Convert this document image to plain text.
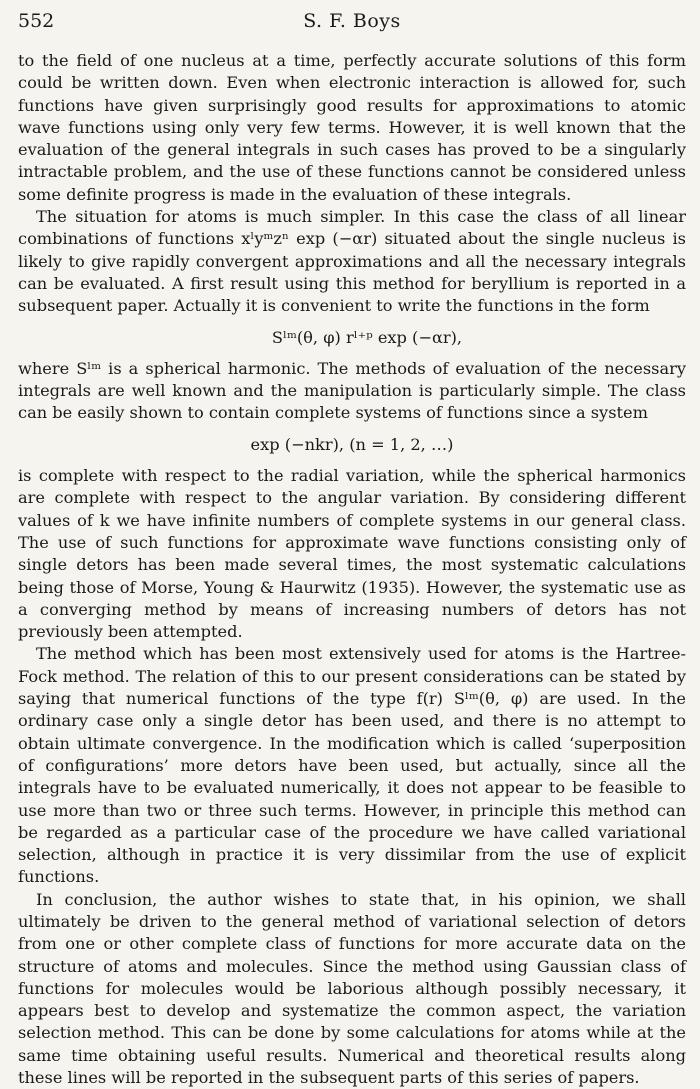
552	S. F. Boys

to the field of one nucleus at a time, perfectly accurate solutions of this form could be written down. Even when electronic interaction is allowed for, such functions have given surprisingly good results for approximations to atomic wave functions using only very few terms. However, it is well known that the evaluation of the general integrals in such cases has proved to be a singularly intractable problem, and the use of these functions cannot be considered unless some definite progress is made in the evaluation of these integrals.

The situation for atoms is much simpler. In this case the class of all linear combinations of functions xˡyᵐzⁿ exp (−αr) situated about the single nucleus is likely to give rapidly convergent approximations and all the necessary integrals can be evaluated. A first result using this method for beryllium is reported in a subsequent paper. Actually it is convenient to write the functions in the form

Sˡᵐ(θ, φ) rˡ⁺ᵖ exp (−αr),

where Sˡᵐ is a spherical harmonic. The methods of evaluation of the necessary integrals are well known and the manipulation is particularly simple. The class can be easily shown to contain complete systems of functions since a system

exp (−nkr), (n = 1, 2, …)

is complete with respect to the radial variation, while the spherical harmonics are complete with respect to the angular variation. By considering different values of k we have infinite numbers of complete systems in our general class. The use of such functions for approximate wave functions consisting only of single detors has been made several times, the most systematic calculations being those of Morse, Young & Haurwitz (1935). However, the systematic use as a converging method by means of increasing numbers of detors has not previously been attempted.

The method which has been most extensively used for atoms is the Hartree-Fock method. The relation of this to our present considerations can be stated by saying that numerical functions of the type f(r) Sˡᵐ(θ, φ) are used. In the ordinary case only a single detor has been used, and there is no attempt to obtain ultimate convergence. In the modification which is called ‘superposition of configurations’ more detors have been used, but actually, since all the integrals have to be evaluated numerically, it does not appear to be feasible to use more than two or three such terms. However, in principle this method can be regarded as a particular case of the procedure we have called variational selection, although in practice it is very dissimilar from the use of explicit functions.

In conclusion, the author wishes to state that, in his opinion, we shall ultimately be driven to the general method of variational selection of detors from one or other complete class of functions for more accurate data on the structure of atoms and molecules. Since the method using Gaussian class of functions for molecules would be laborious although possibly necessary, it appears best to develop and systematize the common aspect, the variation selection method. This can be done by some calculations for atoms while at the same time obtaining useful results. Numerical and theoretical results along these lines will be reported in the subsequent parts of this series of papers.
